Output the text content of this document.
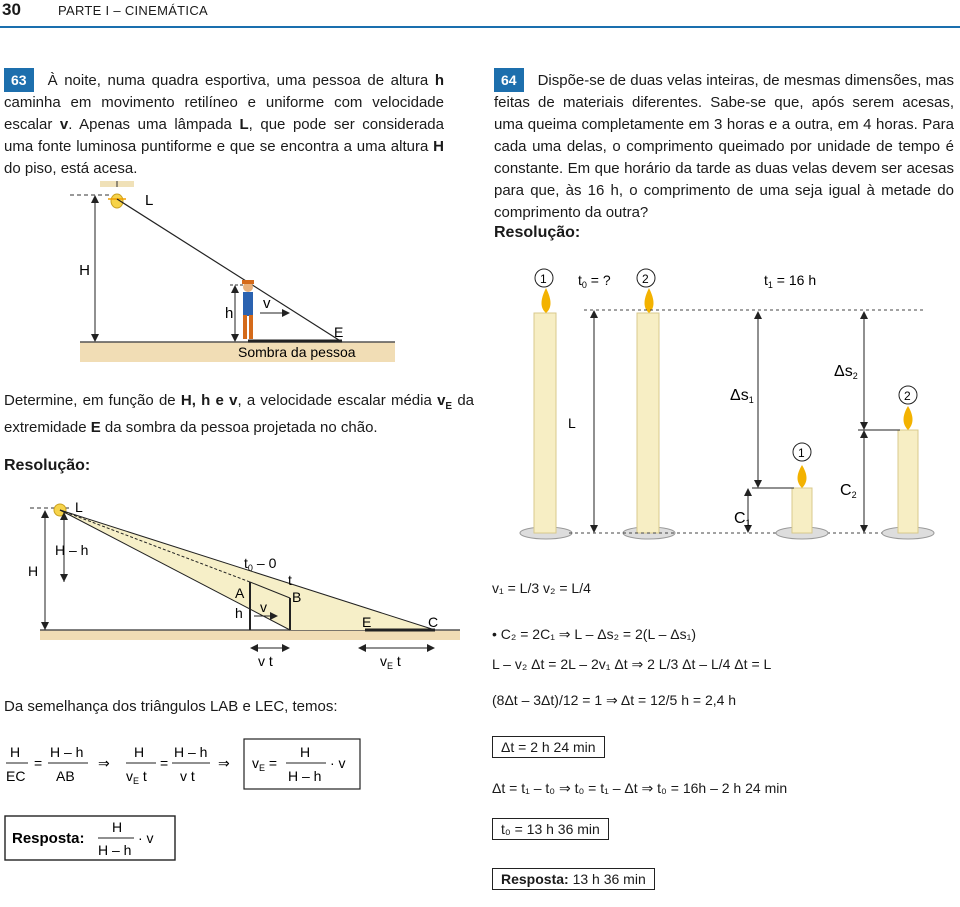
30	PARTE I – CINEMÁTICA
63 À noite, numa quadra esportiva, uma pessoa de altura h caminha em movimento retilíneo e uniforme com velocidade escalar v. Apenas uma lâmpada L, que pode ser considerada uma fonte luminosa puntiforme e que se encontra a uma altura H do piso, está acesa.
H
L
h
v
E
Sombra da pessoa
Determine, em função de H, h e v, a velocidade escalar média $v_E$ da extremidade E da sombra da pessoa projetada no chão.
Resolução:
L
H
H – h
$t_0 - 0$
t
A	B
h v
E	C
v t	$v_E$ t
Da semelhança dos triângulos LAB e LEC, temos:
H
EC
=
H – h
AB
⇒
H
$v_E$ t
=
H – h
v t
⇒ $v_E$ =
H
H – h
· v
Resposta:
H
H – h
· v
64 Dispõe-se de duas velas inteiras, de mesmas dimensões, mas feitas de materiais diferentes. Sabe-se que, após serem acesas, uma queima completamente em 3 horas e a outra, em 4 horas. Para cada uma delas, o comprimento queimado por unidade de tempo é constante. Em que horário da tarde as duas velas devem ser acesas para que, às 16 h, o comprimento de uma seja igual à metade do comprimento da outra?
Resolução:
1 $t_0$ = ?	2	$t_1 = 16$ h
L
1
2
Δs1
C1
Δs2
C2
v₁ = L/3 v₂ = L/4
• C₂ = 2C₁ ⇒ L – Δs₂ = 2(L – Δs₁)
L – v₂ Δt = 2L – 2v₁ Δt ⇒ 2 L/3 Δt – L/4 Δt = L
(8Δt – 3Δt)/12 = 1 ⇒ Δt = 12/5 h = 2,4 h
Δt = 2 h 24 min
Δt = t₁ – t₀ ⇒ t₀ = t₁ – Δt ⇒ t₀ = 16h – 2 h 24 min
t₀ = 13 h 36 min
Resposta: 13 h 36 min
